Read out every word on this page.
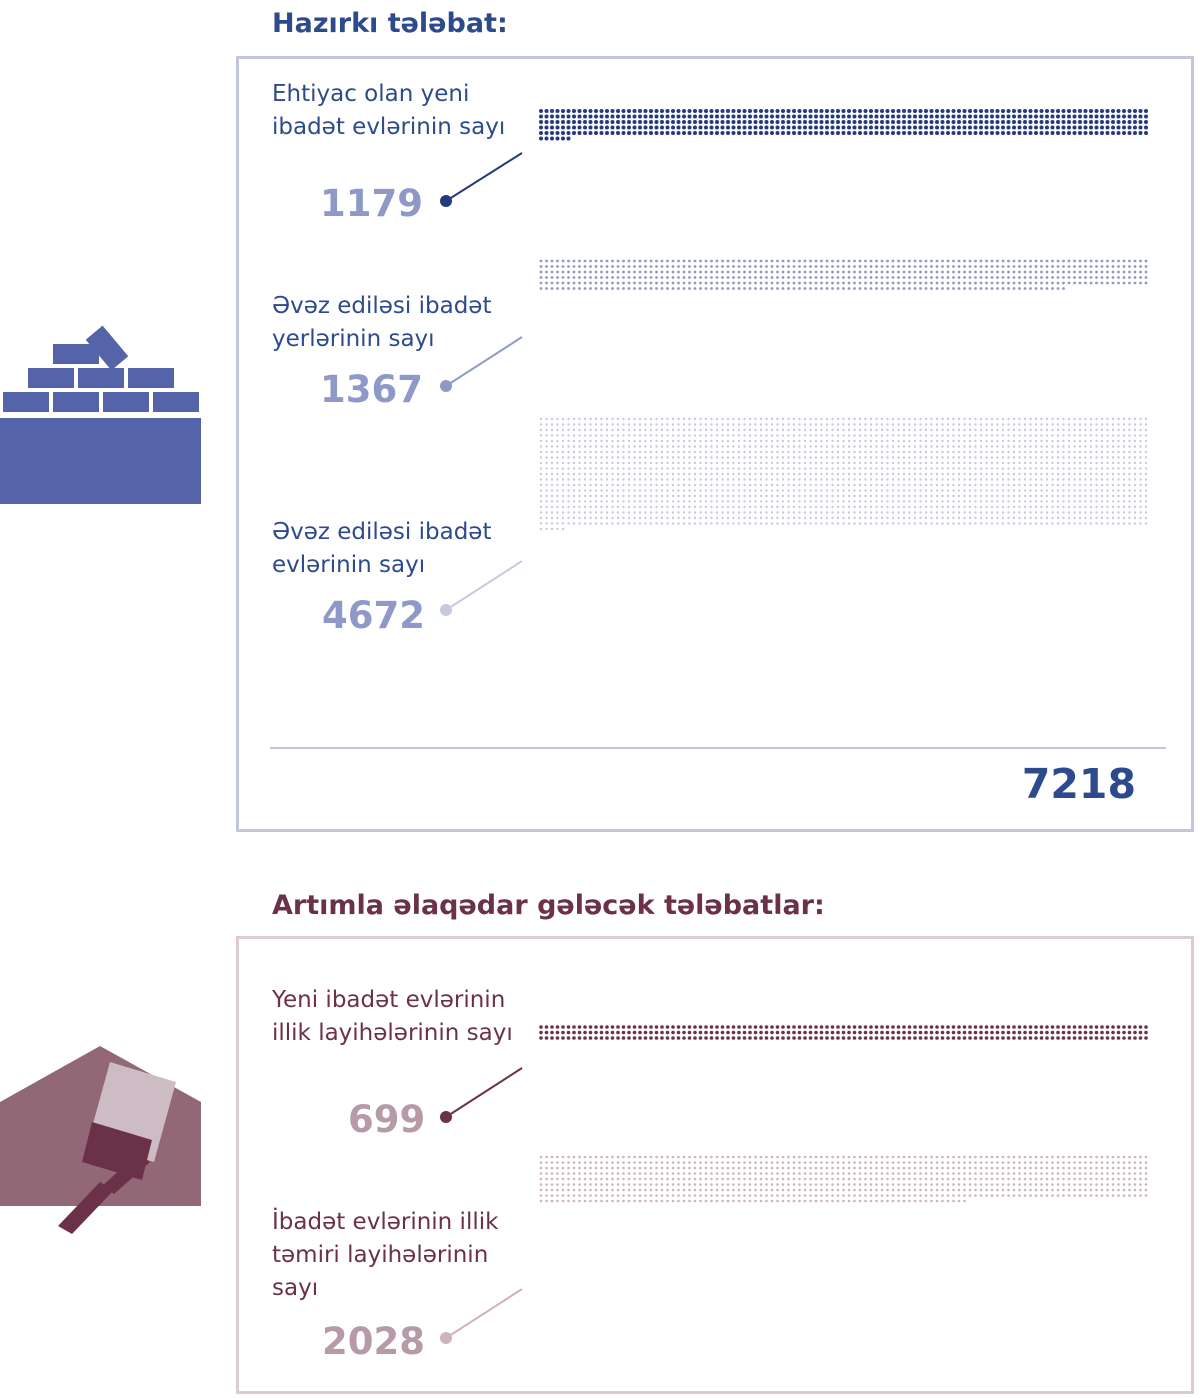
Hazırkı tələbat:
Artımla əlaqədar gələcək tələbatlar:

Ehtiyac olan yeni ibadət evlərinin sayı

Əvəz ediləsi ibadət yerlərinin sayı

Əvəz ediləsi ibadət evlərinin sayı

Yeni ibadət evlərinin illik layihələrinin sayı

İbadət evlərinin illik təmiri layihələrinin sayı

1179
1367
4672
699
2028
7218
